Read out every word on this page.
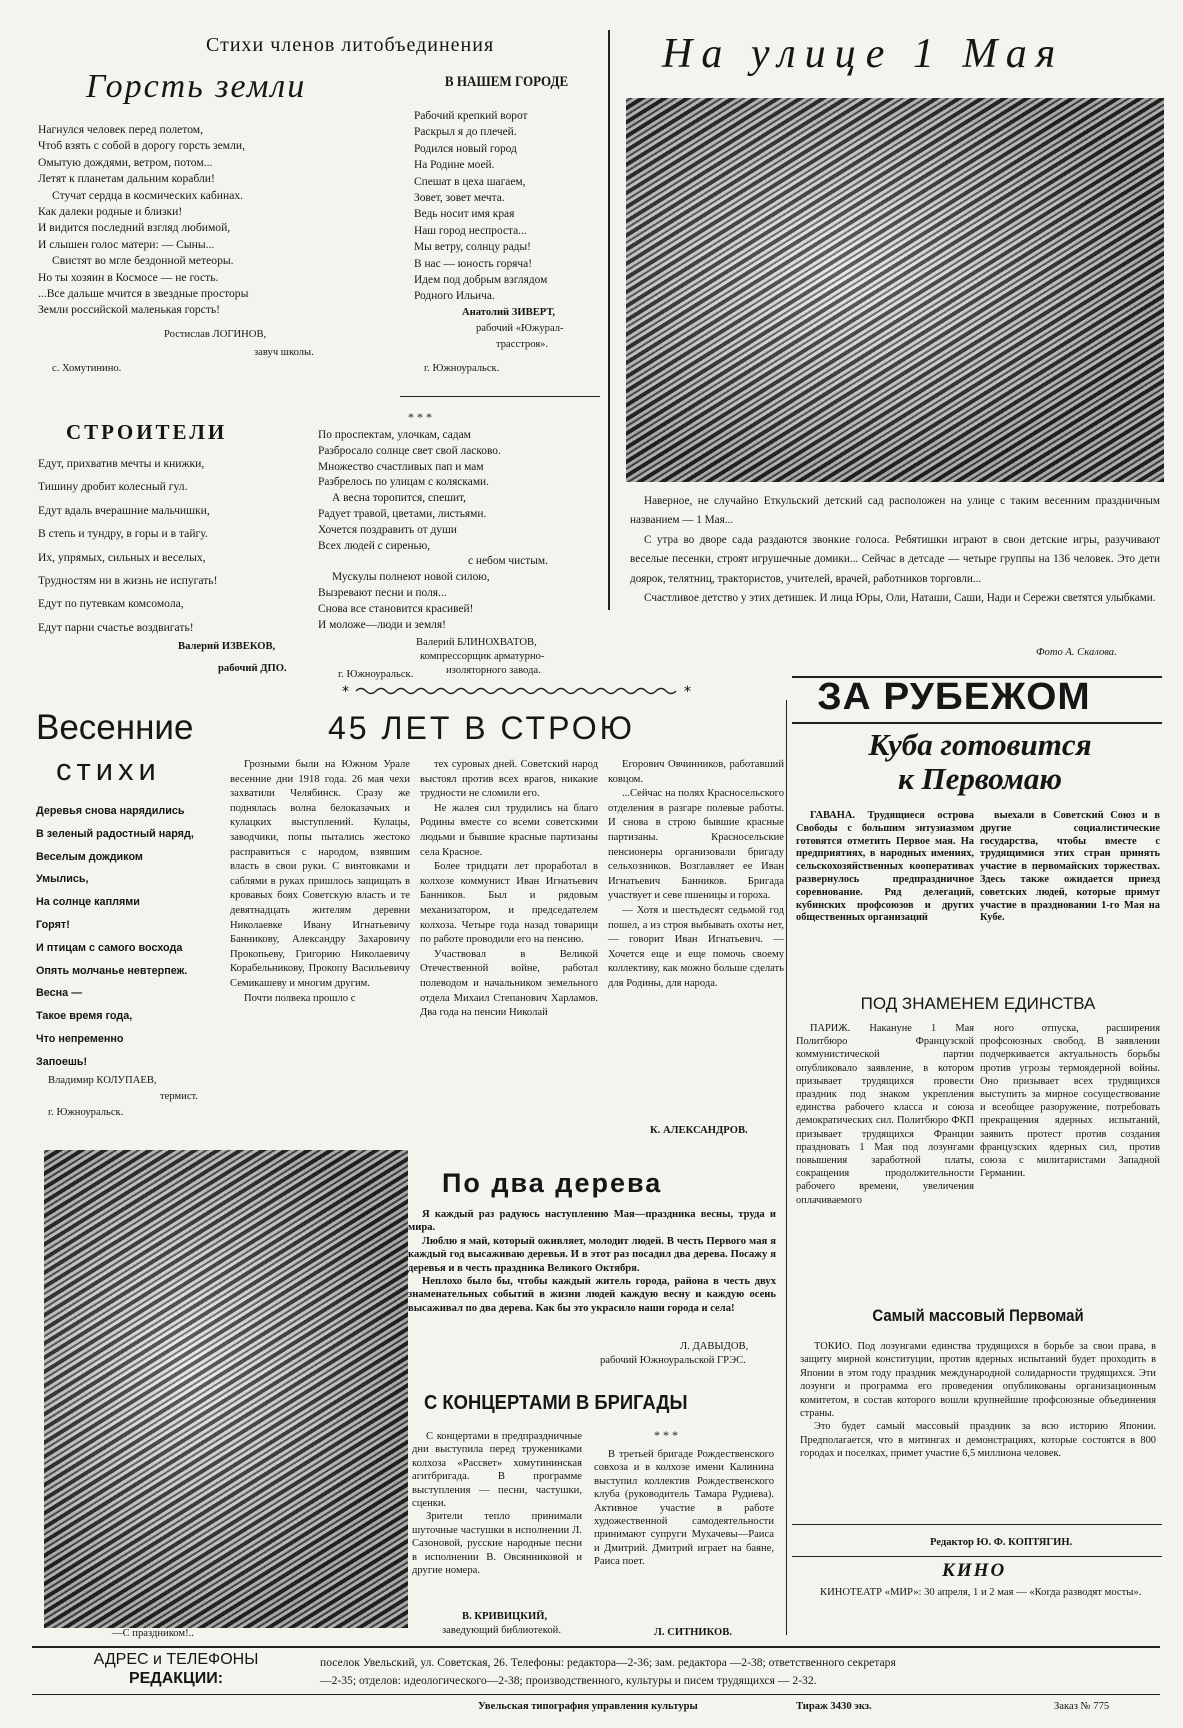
Стихи членов литобъединения
Горсть земли
Нагнулся человек перед полетом,
Чтоб взять с собой в дорогу горсть земли,
Омытую дождями, ветром, потом...
Летят к планетам дальним корабли!
Стучат сердца в космических кабинах.
Как далеки родные и близки!
И видится последний взгляд любимой,
И слышен голос матери: — Сыны...
Свистят во мгле бездонной метеоры.
Но ты хозяин в Космосе — не гость.
...Все дальше мчится в звездные просторы
Земли российской маленькая горсть!
Ростислав ЛОГИНОВ,
завуч школы.
с. Хомутинино.
В НАШЕМ ГОРОДЕ
Рабочий крепкий ворот
Раскрыл я до плечей.
Родился новый город
На Родине моей.
Спешат в цеха шагаем,
Зовет, зовет мечта.
Ведь носит имя края
Наш город неспроста...
Мы ветру, солнцу рады!
В нас — юность горяча!
Идем под добрым взглядом
Родного Ильича.
Анатолий ЗИВЕРТ,
рабочий «Южурал-
трасстроя».
г. Южноуральск.
СТРОИТЕЛИ
Едут, прихватив мечты и книжки,
Тишину дробит колесный гул.
Едут вдаль вчерашние мальчишки,
В степь и тундру, в горы и в тайгу.
Их, упрямых, сильных и веселых,
Трудностям ни в жизнь не испугать!
Едут по путевкам комсомола,
Едут парни счастье воздвигать!
Валерий ИЗВЕКОВ,
рабочий ДПО.
* * *
По проспектам, улочкам, садам
Разбросало солнце свет свой ласково.
Множество счастливых пап и мам
Разбрелось по улицам с колясками.
А весна торопится, спешит,
Радует травой, цветами, листьями.
Хочется поздравить от души
Всех людей с сиренью,
с небом чистым.
Мускулы полнеют новой силою,
Вызревают песни и поля...
Снова все становится красивей!
И моложе—люди и земля!
Валерий БЛИНОХВАТОВ,
компрессорщик арматурно-
изоляторного завода.
г. Южноуральск.
На улице 1 Мая

Наверное, не случайно Еткульский детский сад расположен на улице с таким весенним праздничным названием — 1 Мая...

С утра во дворе сада раздаются звонкие голоса. Ребятишки играют в свои детские игры, разучивают веселые песенки, строят игрушечные домики... Сейчас в детсаде — четыре группы на 136 человек. Это дети доярок, телятниц, трактористов, учителей, врачей, работников торговли...

Счастливое детство у этих детишек. И лица Юры, Оли, Наташи, Саши, Нади и Сережи светятся улыбками.

Фото А. Скалова.
*	*
Весенние
стихи
Деревья снова нарядились
В зеленый радостный наряд,
Веселым дождиком
Умылись,
На солнце каплями
Горят!
И птицам с самого восхода
Опять молчанье невтерпеж.
Весна —
Такое время года,
Что непременно
Запоешь!
Владимир КОЛУПАЕВ,
термист.
г. Южноуральск.
45 ЛЕТ В СТРОЮ

Грозными были на Южном Урале весенние дни 1918 года. 26 мая чехи захватили Челябинск. Сразу же поднялась волна белоказачьих и кулацких выступлений. Кулацы, заводчики, попы пытались жестоко расправиться с народом, взявшим власть в свои руки. С винтовками и саблями в руках пришлось защищать в кровавых боях Советскую власть и те девятнадцать жителям деревни Николаевке Ивану Игнатьевичу Банникову, Александру Захаровичу Прокопьеву, Григорию Николаевичу Корабельникову, Прокопу Васильевичу Семикашеву и многим другим.

Почти полвека прошло с

тех суровых дней. Советский народ выстоял против всех врагов, никакие трудности не сломили его.

Не жалея сил трудились на благо Родины вместе со всеми советскими людьми и бывшие красные партизаны села Красное.

Более тридцати лет проработал в колхозе коммунист Иван Игнатьевич Банников. Был и рядовым механизатором, и председателем колхоза. Четыре года назад товарищи по работе проводили его на пенсию.

Участвовал в Великой Отечественной войне, работал полеводом и начальником земельного отдела Михаил Степанович Харламов. Два года на пенсии Николай

Егорович Овчинников, работавший ковцом.

...Сейчас на полях Красносельского отделения в разгаре полевые работы. И снова в строю бывшие красные партизаны. Красносельские пенсионеры организовали бригаду сельхозников. Возглавляет ее Иван Игнатьевич Банников. Бригада участвует и севе пшеницы и гороха.

— Хотя и шестьдесят седьмой год пошел, а из строя выбывать охоты нет, — говорит Иван Игнатьевич. — Хочется еще и еще помочь своему коллективу, как можно больше сделать для Родины, для народа.

К. АЛЕКСАНДРОВ.
—С праздником!..
По два дерева

Я каждый раз радуюсь наступлению Мая—праздника весны, труда и мира.

Люблю я май, который оживляет, молодит людей. В честь Первого мая я каждый год высаживаю деревья. И в этот раз посадил два дерева. Посажу я деревья и в честь праздника Великого Октября.

Неплохо было бы, чтобы каждый житель города, района в честь двух знаменательных событий в жизни людей каждую весну и каждую осень высаживал по два дерева. Как бы это украсило наши города и села!

Л. ДАВЫДОВ,
рабочий Южноуральской ГРЭС.
С КОНЦЕРТАМИ В БРИГАДЫ

С концертами в предпраздничные дни выступила перед тружениками колхоза «Рассвет» хомутининская агитбригада. В программе выступления — песни, частушки, сценки.

Зрители тепло принимали шуточные частушки в исполнении Л. Сазоновой, русские народные песни в исполнении В. Овсянниковой и другие номера.

В. КРИВИЦКИЙ,
заведующий библиотекой.
* * *

В третьей бригаде Рождественского совхоза и в колхозе имени Калинина выступил коллектив Рождественского клуба (руководитель Тамара Рудиева). Активное участие в работе художественной самодеятельности принимают супруги Мухачевы—Раиса и Дмитрий. Дмитрий играет на баяне, Раиса поет.

Л. СИТНИКОВ.
ЗА РУБЕЖОМ
Куба готовится
к Первомаю

ГАВАНА. Трудящиеся острова Свободы с большим энтузиазмом готовятся отметить Первое мая. На предприятиях, в народных имениях, сельскохозяйственных кооперативах развернулось предпраздничное соревнование. Ряд делегаций, кубинских профсоюзов и других общественных организаций

выехали в Советский Союз и в другие социалистические государства, чтобы вместе с трудящимися этих стран принять участие в первомайских торжествах. Здесь также ожидается приезд советских людей, которые примут участие в праздновании 1-го Мая на Кубе.

ПОД ЗНАМЕНЕМ ЕДИНСТВА

ПАРИЖ. Накануне 1 Мая Политбюро Французской коммунистической партии опубликовало заявление, в котором призывает трудящихся провести праздник под знаком укрепления единства рабочего класса и союза демократических сил. Политбюро ФКП призывает трудящихся Франции праздновать 1 Мая под лозунгами повышения заработной платы, сокращения продолжительности рабочего времени, увеличения оплачиваемого

ного отпуска, расширения профсоюзных свобод. В заявлении подчеркивается актуальность борьбы против угрозы термоядерной войны. Оно призывает всех трудящихся выступить за мирное сосуществование и всеобщее разоружение, потребовать прекращения ядерных испытаний, заявить протест против создания французских ядерных сил, против союза с милитаристами Западной Германии.

Самый массовый Первомай

ТОКИО. Под лозунгами единства трудящихся в борьбе за свои права, в защиту мирной конституции, против ядерных испытаний будет проходить в Японии в этом году праздник международной солидарности трудящихся. Эти лозунги и программа его проведения опубликованы организационным комитетом, в состав которого вошли крупнейшие профсоюзные объединения страны.

Это будет самый массовый праздник за всю историю Японии. Предполагается, что в митингах и демонстрациях, которые состоятся в 800 городах и поселках, примет участие 6,5 миллиона человек.

Редактор Ю. Ф. КОПТЯГИН.
КИНО
КИНОТЕАТР «МИР»: 30 апреля, 1 и 2 мая — «Когда разводят мосты».
АДРЕС и ТЕЛЕФОНЫ
РЕДАКЦИИ:
поселок Увельский, ул. Советская, 26. Телефоны: редактора—2-36; зам. редактора —2-38; ответственного секретаря
—2-35; отделов: идеологического—2-38; производственного, культуры и писем трудящихся — 2-32.
Увельская типография управления культуры	Тираж 3430 экз.	Заказ № 775
